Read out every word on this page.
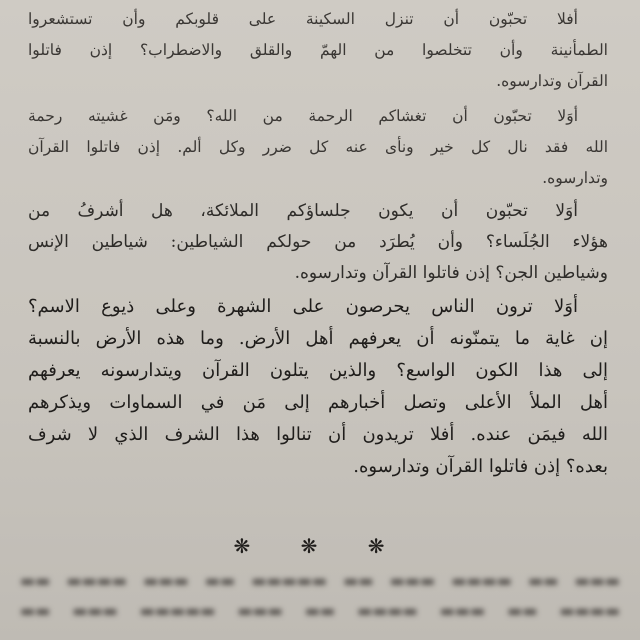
أفلا تحبّون أن تنزل السكينة على قلوبكم وأن تستشعروا
الطمأنينة وأن تتخلصوا من الهمّ والقلق والاضطراب؟ إذن فاتلوا
القرآن وتدارسوه.
أوَلا تحبّون أن تغشاكم الرحمة من الله؟ ومَن غشيته رحمة
الله فقد نال كل خير ونأى عنه كل ضرر وكل ألم. إذن فاتلوا القرآن
وتدارسوه.
أوَلا تحبّون أن يكون جلساؤكم الملائكة، هل أشرفُ من
هؤلاء الجُلَساء؟ وأن يُطرَد من حولكم الشياطين: شياطين الإنس
وشياطين الجن؟ إذن فاتلوا القرآن وتدارسوه.
أوَلا ترون الناس يحرصون على الشهرة وعلى ذيوع الاسم؟
إن غاية ما يتمنّونه أن يعرفهم أهل الأرض. وما هذه الأرض بالنسبة
إلى هذا الكون الواسع؟ والذين يتلون القرآن ويتدارسونه يعرفهم
أهل الملأ الأعلى وتصل أخبارهم إلى مَن في السماوات ويذكرهم
الله فيمَن عنده. أفلا تريدون أن تنالوا هذا الشرف الذي لا شرف
بعده؟ إذن فاتلوا القرآن وتدارسوه.
❋ ❋ ❋
▬▬▬ ▬▬ ▬▬▬▬ ▬▬▬ ▬▬ ▬▬▬▬▬ ▬▬ ▬▬▬ ▬▬▬▬ ▬▬
▬▬▬▬ ▬▬ ▬▬▬ ▬▬▬▬ ▬▬ ▬▬▬ ▬▬▬▬▬ ▬▬▬ ▬▬
